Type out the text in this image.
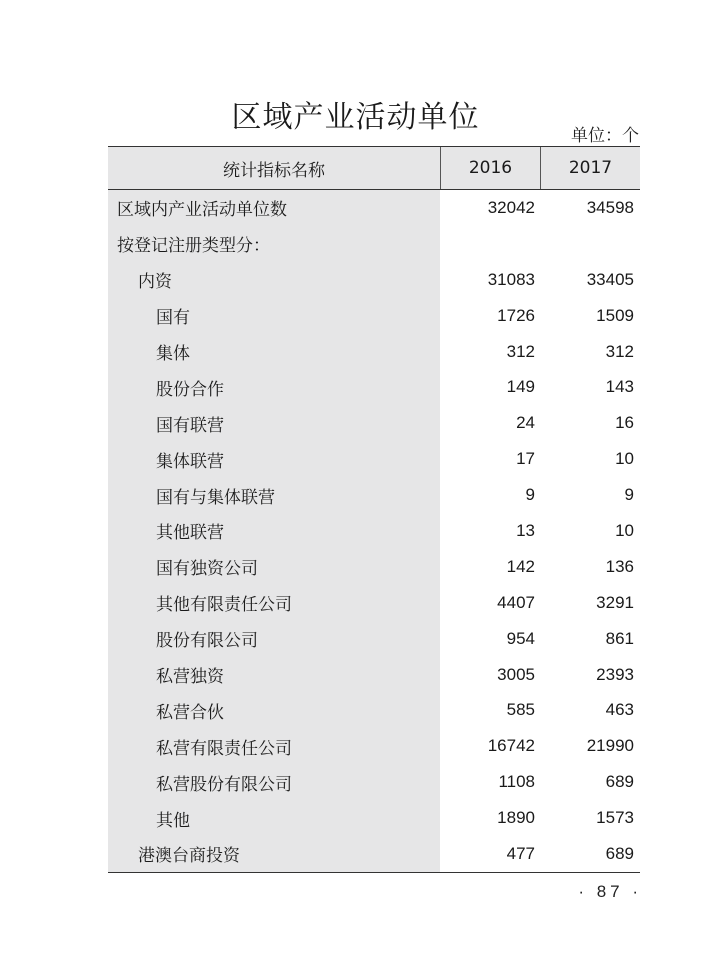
区域产业活动单位
单位：个
统计指标名称	2016	2017
区域内产业活动单位数	32042	34598
按登记注册类型分：
内资	31083	33405
国有	1726	1509
集体	312	312
股份合作	149	143
国有联营	24	16
集体联营	17	10
国有与集体联营	9	9
其他联营	13	10
国有独资公司	142	136
其他有限责任公司	4407	3291
股份有限公司	954	861
私营独资	3005	2393
私营合伙	585	463
私营有限责任公司	16742	21990
私营股份有限公司	1108	689
其他	1890	1573
港澳台商投资	477	689
· 87 ·
